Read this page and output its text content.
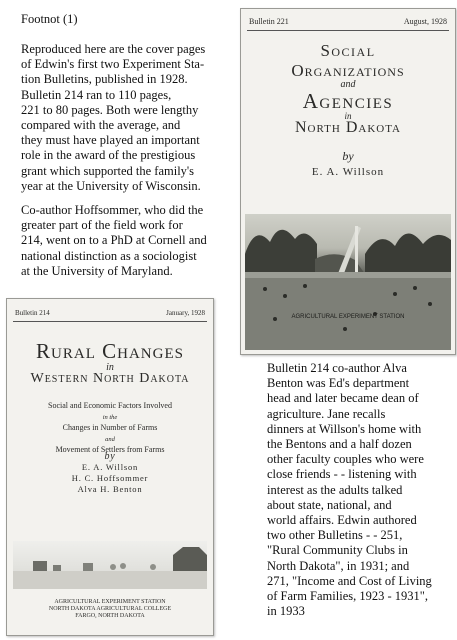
Footnot (1)
Reproduced here are the cover pages
of Edwin's first two Experiment Sta-
tion Bulletins, published in 1928.
Bulletin 214 ran to 110 pages,
221 to 80 pages. Both were lengthy
compared with the average, and
they must have played an important
role in the award of the prestigious
grant which supported the family's
year at the University of Wisconsin.
Co-author Hoffsommer, who did the
greater part of the field work for
214, went on to a PhD at Cornell and
national distinction as a sociologist
at the University of Maryland.
Bulletin 214 co-author Alva
Benton was Ed's department
head and later became dean of
agriculture. Jane recalls
dinners at Willson's home with
the Bentons and a half dozen
other faculty couples who were
close friends - - listening with
interest as the adults talked
about state, national, and
world affairs. Edwin authored
two other Bulletins - - 251,
"Rural Community Clubs in
North Dakota", in 1931; and
271, "Income and Cost of Living
of Farm Families, 1923 - 1931",
in 1933
Bulletin 221	August, 1928
Social
Organizations
and
Agencies
in
North Dakota
by
E. A. Willson
AGRICULTURAL EXPERIMENT STATION
Bulletin 214	January, 1928
Rural Changes
in
Western North Dakota
Social and Economic Factors Involved
in the
Changes in Number of Farms
and
Movement of Settlers from Farms
by
E. A. Willson
H. C. Hoffsommer
Alva H. Benton
AGRICULTURAL EXPERIMENT STATION
NORTH DAKOTA AGRICULTURAL COLLEGE
FARGO, NORTH DAKOTA
